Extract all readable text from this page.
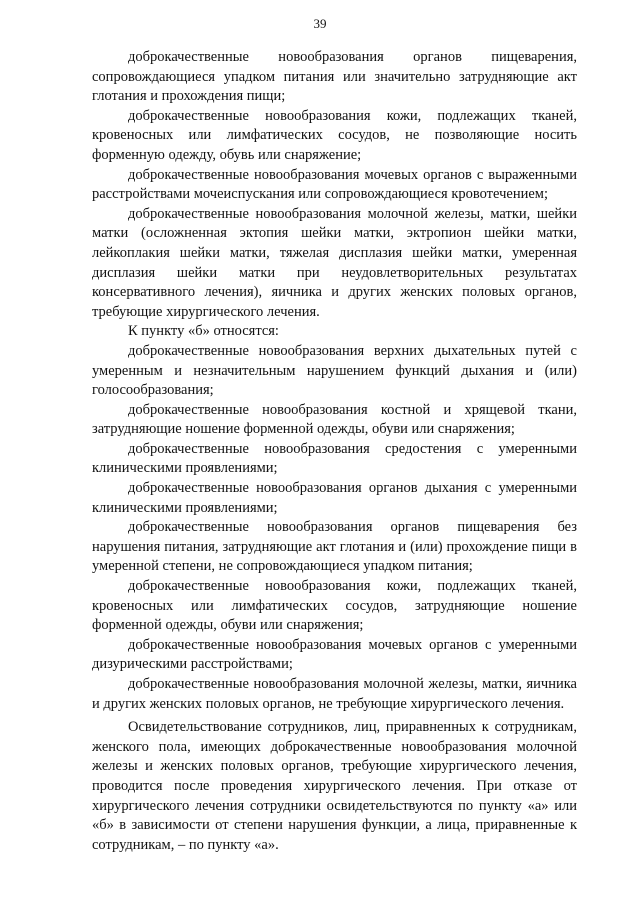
39

доброкачественные новообразования органов пищеварения, сопровождающиеся упадком питания или значительно затрудняющие акт глотания и прохождения пищи;

доброкачественные новообразования кожи, подлежащих тканей, кровеносных или лимфатических сосудов, не позволяющие носить форменную одежду, обувь или снаряжение;

доброкачественные новообразования мочевых органов с выраженными расстройствами мочеиспускания или сопровождающиеся кровотечением;

доброкачественные новообразования молочной железы, матки, шейки матки (осложненная эктопия шейки матки, эктропион шейки матки, лейкоплакия шейки матки, тяжелая дисплазия шейки матки, умеренная дисплазия шейки матки при неудовлетворительных результатах консервативного лечения), яичника и других женских половых органов, требующие хирургического лечения.

К пункту «б» относятся:

доброкачественные новообразования верхних дыхательных путей с умеренным и незначительным нарушением функций дыхания и (или) голосообразования;

доброкачественные новообразования костной и хрящевой ткани, затрудняющие ношение форменной одежды, обуви или снаряжения;

доброкачественные новообразования средостения с умеренными клиническими проявлениями;

доброкачественные новообразования органов дыхания с умеренными клиническими проявлениями;

доброкачественные новообразования органов пищеварения без нарушения питания, затрудняющие акт глотания и (или) прохождение пищи в умеренной степени, не сопровождающиеся упадком питания;

доброкачественные новообразования кожи, подлежащих тканей, кровеносных или лимфатических сосудов, затрудняющие ношение форменной одежды, обуви или снаряжения;

доброкачественные новообразования мочевых органов с умеренными дизурическими расстройствами;

доброкачественные новообразования молочной железы, матки, яичника и других женских половых органов, не требующие хирургического лечения.

Освидетельствование сотрудников, лиц, приравненных к сотрудникам, женского пола, имеющих доброкачественные новообразования молочной железы и женских половых органов, требующие хирургического лечения, проводится после проведения хирургического лечения. При отказе от хирургического лечения сотрудники освидетельствуются по пункту «а» или «б» в зависимости от степени нарушения функции, а лица, приравненные к сотрудникам, – по пункту «а».
